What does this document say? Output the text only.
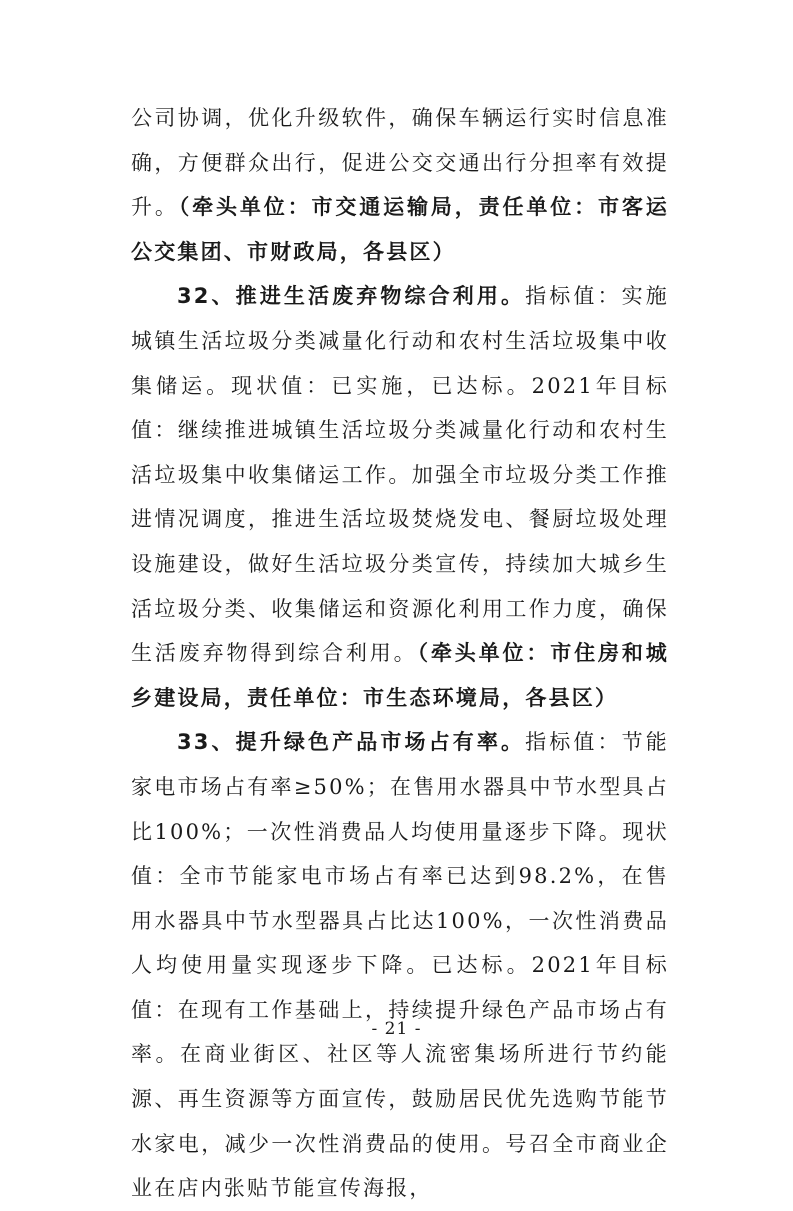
公司协调，优化升级软件，确保车辆运行实时信息准确，方便群众出行，促进公交交通出行分担率有效提升。（牵头单位：市交通运输局，责任单位：市客运公交集团、市财政局，各县区）

32、推进生活废弃物综合利用。指标值：实施城镇生活垃圾分类减量化行动和农村生活垃圾集中收集储运。现状值：已实施，已达标。2021年目标值：继续推进城镇生活垃圾分类减量化行动和农村生活垃圾集中收集储运工作。加强全市垃圾分类工作推进情况调度，推进生活垃圾焚烧发电、餐厨垃圾处理设施建设，做好生活垃圾分类宣传，持续加大城乡生活垃圾分类、收集储运和资源化利用工作力度，确保生活废弃物得到综合利用。（牵头单位：市住房和城乡建设局，责任单位：市生态环境局，各县区）

33、提升绿色产品市场占有率。指标值：节能家电市场占有率≥50%；在售用水器具中节水型具占比100%；一次性消费品人均使用量逐步下降。现状值：全市节能家电市场占有率已达到98.2%，在售用水器具中节水型器具占比达100%，一次性消费品人均使用量实现逐步下降。已达标。2021年目标值：在现有工作基础上，持续提升绿色产品市场占有率。在商业街区、社区等人流密集场所进行节约能源、再生资源等方面宣传，鼓励居民优先选购节能节水家电，减少一次性消费品的使用。号召全市商业企业在店内张贴节能宣传海报，

- 21 -
